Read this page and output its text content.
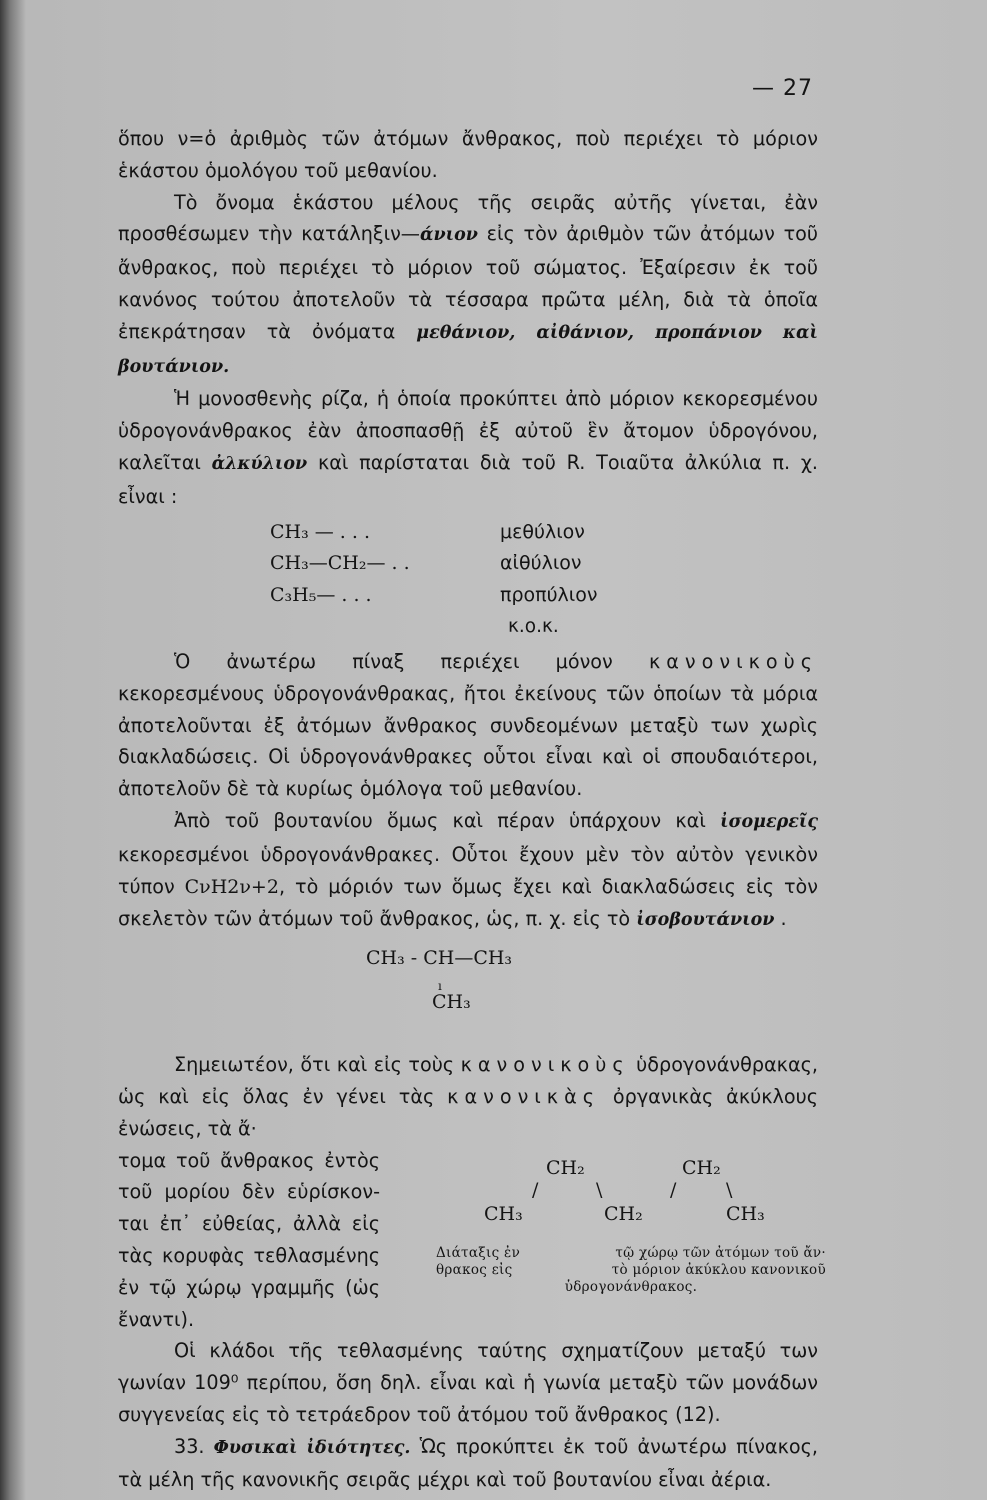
— 27

ὅπου ν=ὁ ἀριθμὸς τῶν ἀτόμων ἄνθρακος, ποὺ περιέχει τὸ μόριον ἑκάστου ὁμολόγου τοῦ μεθανίου.

Τὸ ὄνομα ἑκάστου μέλους τῆς σειρᾶς αὐτῆς γίνεται, ἐὰν προσθέσωμεν τὴν κατάληξιν—άνιον εἰς τὸν ἀριθμὸν τῶν ἀτόμων τοῦ ἄνθρακος, ποὺ περιέχει τὸ μόριον τοῦ σώματος. Ἐξαίρεσιν ἐκ τοῦ κανόνος τούτου ἀποτελοῦν τὰ τέσσαρα πρῶτα μέλη, διὰ τὰ ὁποῖα ἐπεκράτησαν τὰ ὀνόματα μεθάνιον, αἰθάνιον, προπάνιον καὶ βουτάνιον.

Ἡ μονοσθενὴς ρίζα, ἡ ὁποία προκύπτει ἀπὸ μόριον κεκορεσμένου ὑδρογονάνθρακος ἐὰν ἀποσπασθῇ ἐξ αὐτοῦ ἓν ἄτομον ὑδρογόνου, καλεῖται ἀλκύλιον καὶ παρίσταται διὰ τοῦ R. Τοιαῦτα ἀλκύλια π. χ. εἶναι :

CH₃ — . . .	μεθύλιον
CH₃—CH₂— . .	αἰθύλιον
C₃H₅— . . .	προπύλιον
κ.ο.κ.

Ὁ ἀνωτέρω πίναξ περιέχει μόνον κανονικοὺς κεκορεσμένους ὑδρογονάνθρακας, ἤτοι ἐκείνους τῶν ὁποίων τὰ μόρια ἀποτελοῦνται ἐξ ἀτόμων ἄνθρακος συνδεομένων μεταξὺ των χωρὶς διακλαδώσεις. Οἱ ὑδρογονάνθρακες οὗτοι εἶναι καὶ οἱ σπουδαιότεροι, ἀποτελοῦν δὲ τὰ κυρίως ὁμόλογα τοῦ μεθανίου.

Ἀπὸ τοῦ βουτανίου ὅμως καὶ πέραν ὑπάρχουν καὶ ἰσομερεῖς κεκορεσμένοι ὑδρογονάνθρακες. Οὗτοι ἔχουν μὲν τὸν αὐτὸν γενικὸν τύπον CνH2ν+2, τὸ μόριόν των ὅμως ἔχει καὶ διακλαδώσεις εἰς τὸν σκελετὸν τῶν ἀτόμων τοῦ ἄνθρακος, ὡς, π. χ. εἰς τὸ ἰσοβουτάνιον .

CH₃ - CH—CH₃
ı
CH₃

Σημειωτέον, ὅτι καὶ εἰς τοὺς κανονικοὺς ὑδρογονάνθρακας, ὡς καὶ εἰς ὅλας ἐν γένει τὰς κανονικὰς ὀργανικὰς ἀκύκλους ἐνώσεις, τὰ ἄ·

τομα τοῦ ἄνθρακος ἐντὸς

τοῦ μορίου δὲν εὑρίσκον-

ται ἐπ᾽ εὐθείας, ἀλλὰ εἰς

τὰς κορυφὰς τεθλασμένης

ἐν τῷ χώρῳ γραμμῆς (ὡς

ἔναντι).

CH₂	CH₂
/	\	/	\
CH₃	CH₂	CH₃
Διάταξις ἐν	τῷ χώρῳ τῶν ἀτόμων τοῦ ἄν·
θρακος εἰς	τὸ μόριον ἀκύκλου κανονικοῦ
ὑδρογονάνθρακος.

Οἱ κλάδοι τῆς τεθλασμένης ταύτης σχηματίζουν μεταξύ των γωνίαν 109⁰ περίπου, ὅση δηλ. εἶναι καὶ ἡ γωνία μεταξὺ τῶν μονάδων συγγενείας εἰς τὸ τετράεδρον τοῦ ἀτόμου τοῦ ἄνθρακος (12).

33. Φυσικαὶ ἰδιότητες. Ὡς προκύπτει ἐκ τοῦ ἀνωτέρω πίνακος, τὰ μέλη τῆς κανονικῆς σειρᾶς μέχρι καὶ τοῦ βουτανίου εἶναι ἀέρια.
